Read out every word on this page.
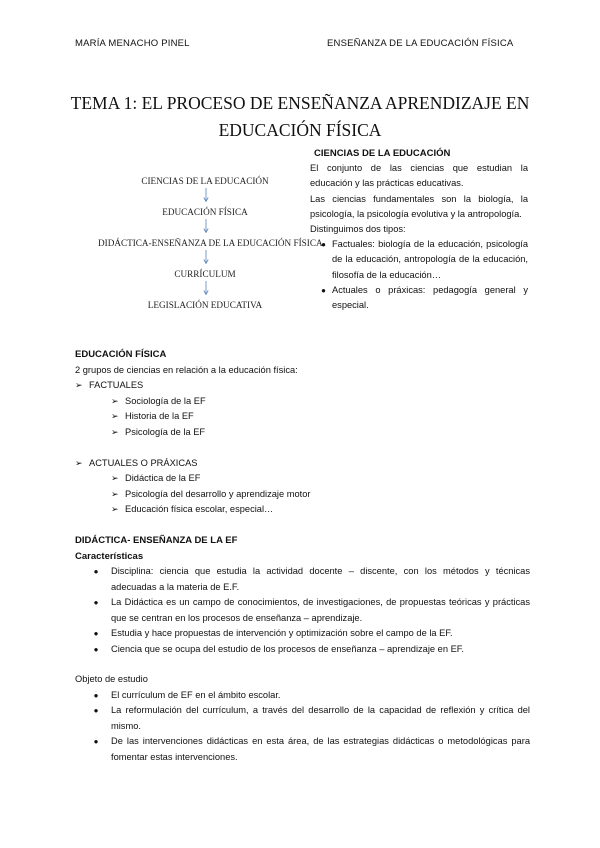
MARÍA MENACHO PINEL	ENSEÑANZA DE LA EDUCACIÓN FÍSICA
TEMA 1: EL PROCESO DE ENSEÑANZA APRENDIZAJE EN
EDUCACIÓN FÍSICA
CIENCIAS DE LA EDUCACIÓN
EDUCACIÓN FÍSICA
DIDÁCTICA-ENSEÑANZA DE LA EDUCACIÓN FÍSICA
CURRÍCULUM
LEGISLACIÓN EDUCATIVA

CIENCIAS DE LA EDUCACIÓN

El conjunto de las ciencias que estudian la educación y las prácticas educativas.

Las ciencias fundamentales son la biología, la psicología, la psicología evolutiva y la antropología.

Distinguimos dos tipos:

● Factuales: biología de la educación, psicología de la educación, antropología de la educación, filosofía de la educación…
● Actuales o práxicas: pedagogía general y especial.

EDUCACIÓN FÍSICA

2 grupos de ciencias en relación a la educación física:

➢ FACTUALES
➢ Sociología de la EF
➢ Historia de la EF
➢ Psicología de la EF
➢ ACTUALES O PRÁXICAS
➢ Didáctica de la EF
➢ Psicología del desarrollo y aprendizaje motor
➢ Educación física escolar, especial…

DIDÁCTICA- ENSEÑANZA DE LA EF

Características

●	Disciplina: ciencia que estudia la actividad docente – discente, con los métodos y técnicas adecuadas a la materia de E.F.
●	La Didáctica es un campo de conocimientos, de investigaciones, de propuestas teóricas y prácticas que se centran en los procesos de enseñanza – aprendizaje.
●	Estudia y hace propuestas de intervención y optimización sobre el campo de la EF.
●	Ciencia que se ocupa del estudio de los procesos de enseñanza – aprendizaje en EF.

Objeto de estudio

●	El currículum de EF en el ámbito escolar.
●	La reformulación del currículum, a través del desarrollo de la capacidad de reflexión y crítica del mismo.
●	De las intervenciones didácticas en esta área, de las estrategias didácticas o metodológicas para fomentar estas intervenciones.
